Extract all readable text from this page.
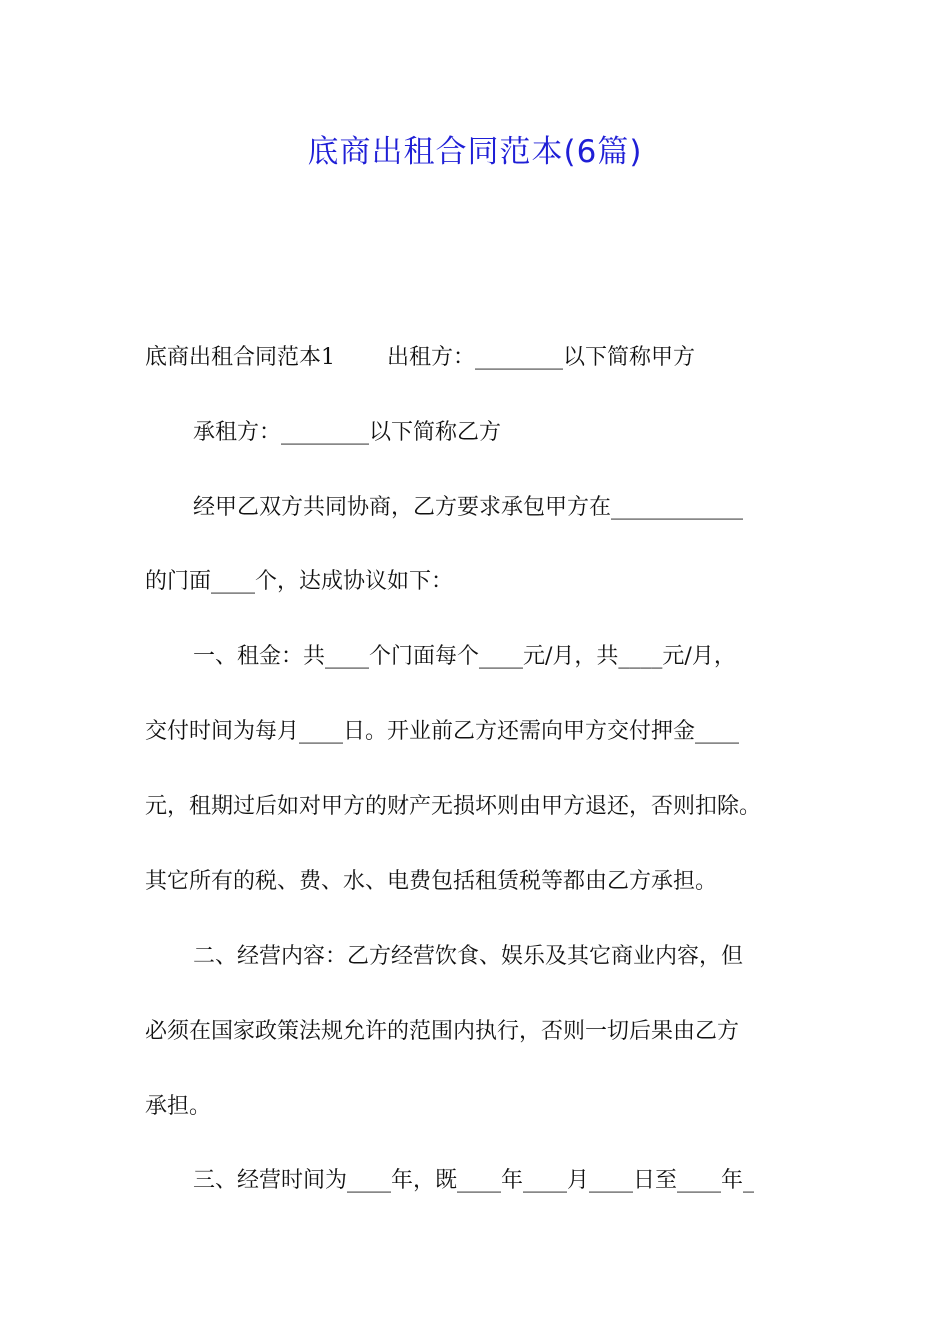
底商出租合同范本(6篇)
底商出租合同范本1 出租方：________以下简称甲方
承租方：________以下简称乙方
经甲乙双方共同协商，乙方要求承包甲方在____________
的门面____个，达成协议如下：
一、租金：共____个门面每个____元/月，共____元/月，
交付时间为每月____日。开业前乙方还需向甲方交付押金____
元，租期过后如对甲方的财产无损坏则由甲方退还，否则扣除。
其它所有的税、费、水、电费包括租赁税等都由乙方承担。
二、经营内容：乙方经营饮食、娱乐及其它商业内容，但
必须在国家政策法规允许的范围内执行，否则一切后果由乙方
承担。
三、经营时间为____年，既____年____月____日至____年_
